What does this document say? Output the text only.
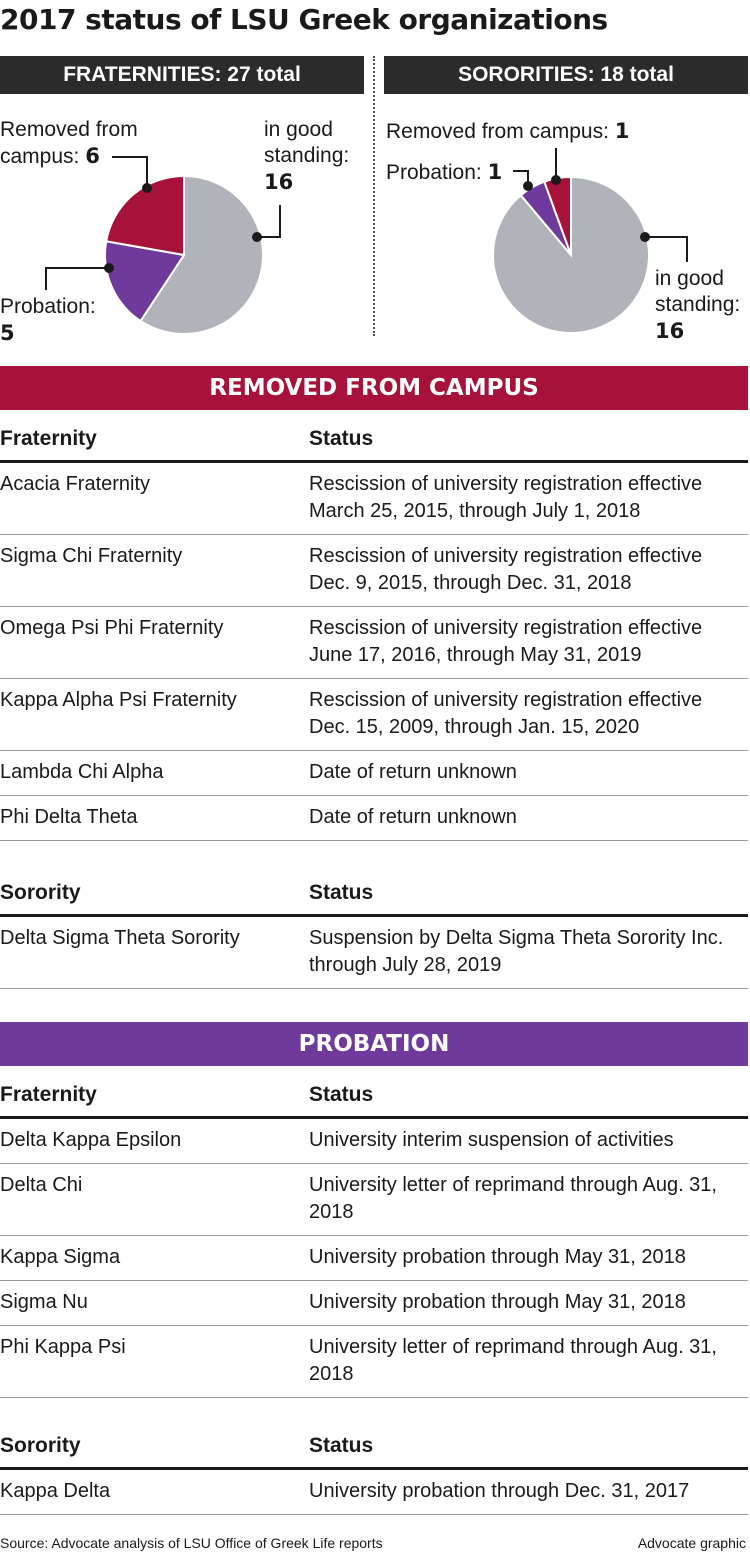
2017 status of LSU Greek organizations
FRATERNITIES: 27 total	SORORITIES: 18 total
Removed from
campus: 6
in good
standing:
16
Probation:
5
Removed from campus: 1
Probation: 1
in good
standing:
16
REMOVED FROM CAMPUS
Fraternity	Status
Acacia Fraternity	Rescission of university registration effective March 25, 2015, through July 1, 2018
Sigma Chi Fraternity	Rescission of university registration effective Dec. 9, 2015, through Dec. 31, 2018
Omega Psi Phi Fraternity	Rescission of university registration effective June 17, 2016, through May 31, 2019
Kappa Alpha Psi Fraternity	Rescission of university registration effective Dec. 15, 2009, through Jan. 15, 2020
Lambda Chi Alpha	Date of return unknown
Phi Delta Theta	Date of return unknown
Sorority	Status
Delta Sigma Theta Sorority	Suspension by Delta Sigma Theta Sorority Inc. through July 28, 2019
PROBATION
Fraternity	Status
Delta Kappa Epsilon	University interim suspension of activities
Delta Chi	University letter of reprimand through Aug. 31, 2018
Kappa Sigma	University probation through May 31, 2018
Sigma Nu	University probation through May 31, 2018
Phi Kappa Psi	University letter of reprimand through Aug. 31, 2018
Sorority	Status
Kappa Delta	University probation through Dec. 31, 2017
Source: Advocate analysis of LSU Office of Greek Life reports	Advocate graphic
